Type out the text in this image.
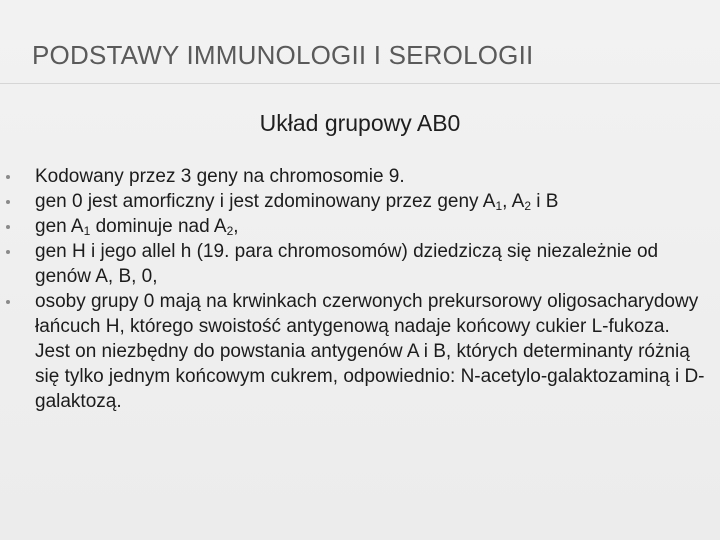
PODSTAWY IMMUNOLOGII I SEROLOGII
Układ grupowy AB0
Kodowany przez 3 geny na chromosomie 9.
gen 0 jest amorficzny i jest zdominowany przez geny $A_1$, $A_2$ i B
gen $A_1$ dominuje nad $A_2$,
gen H i jego allel h (19. para chromosomów) dziedziczą się niezależnie od genów A, B, 0,
osoby grupy 0 mają na krwinkach czerwonych prekursorowy oligosacharydowy łańcuch H, którego swoistość antygenową nadaje końcowy cukier L-fukoza. Jest on niezbędny do powstania antygenów A i B, których determinanty różnią się tylko jednym końcowym cukrem, odpowiednio: N-acetylo-galaktozaminą i D-galaktozą.
